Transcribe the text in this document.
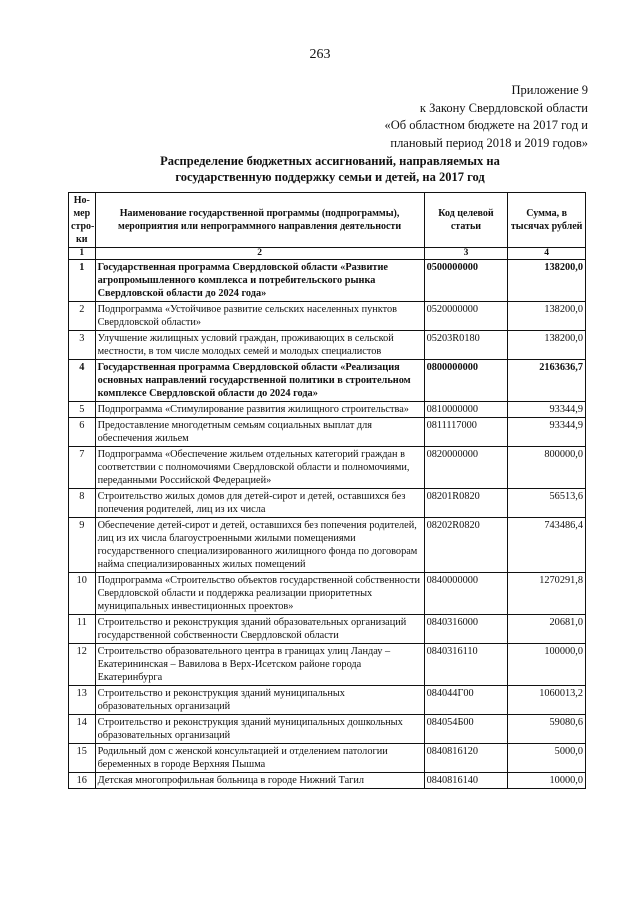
263
Приложение 9
к Закону Свердловской области
«Об областном бюджете на 2017 год и
плановый период 2018 и 2019 годов»
Распределение бюджетных ассигнований, направляемых на
государственную поддержку семьи и детей, на 2017 год
Но-мер стро-ки	Наименование государственной программы (подпрограммы), мероприятия или непрограммного направления деятельности	Код целевой статьи	Сумма, в тысячах рублей
1	2	3	4
1	Государственная программа Свердловской области «Развитие агропромышленного комплекса и потребительского рынка Свердловской области до 2024 года»	0500000000	138200,0
2	Подпрограмма «Устойчивое развитие сельских населенных пунктов Свердловской области»	0520000000	138200,0
3	Улучшение жилищных условий граждан, проживающих в сельской местности, в том числе молодых семей и молодых специалистов	05203R0180	138200,0
4	Государственная программа Свердловской области «Реализация основных направлений государственной политики в строительном комплексе Свердловской области до 2024 года»	0800000000	2163636,7
5	Подпрограмма «Стимулирование развития жилищного строительства»	0810000000	93344,9
6	Предоставление многодетным семьям социальных выплат для обеспечения жильем	0811117000	93344,9
7	Подпрограмма «Обеспечение жильем отдельных категорий граждан в соответствии с полномочиями Свердловской области и полномочиями, переданными Российской Федерацией»	0820000000	800000,0
8	Строительство жилых домов для детей-сирот и детей, оставшихся без попечения родителей, лиц из их числа	08201R0820	56513,6
9	Обеспечение детей-сирот и детей, оставшихся без попечения родителей, лиц из их числа благоустроенными жилыми помещениями государственного специализированного жилищного фонда по договорам найма специализированных жилых помещений	08202R0820	743486,4
10	Подпрограмма «Строительство объектов государственной собственности Свердловской области и поддержка реализации приоритетных муниципальных инвестиционных проектов»	0840000000	1270291,8
11	Строительство и реконструкция зданий образовательных организаций государственной собственности Свердловской области	0840316000	20681,0
12	Строительство образовательного центра в границах улиц Ландау – Екатерининская – Вавилова в Верх-Исетском районе города Екатеринбурга	0840316110	100000,0
13	Строительство и реконструкция зданий муниципальных образовательных организаций	084044Г00	1060013,2
14	Строительство и реконструкция зданий муниципальных дошкольных образовательных организаций	084054Б00	59080,6
15	Родильный дом с женской консультацией и отделением патологии беременных в городе Верхняя Пышма	0840816120	5000,0
16	Детская многопрофильная больница в городе Нижний Тагил	0840816140	10000,0
